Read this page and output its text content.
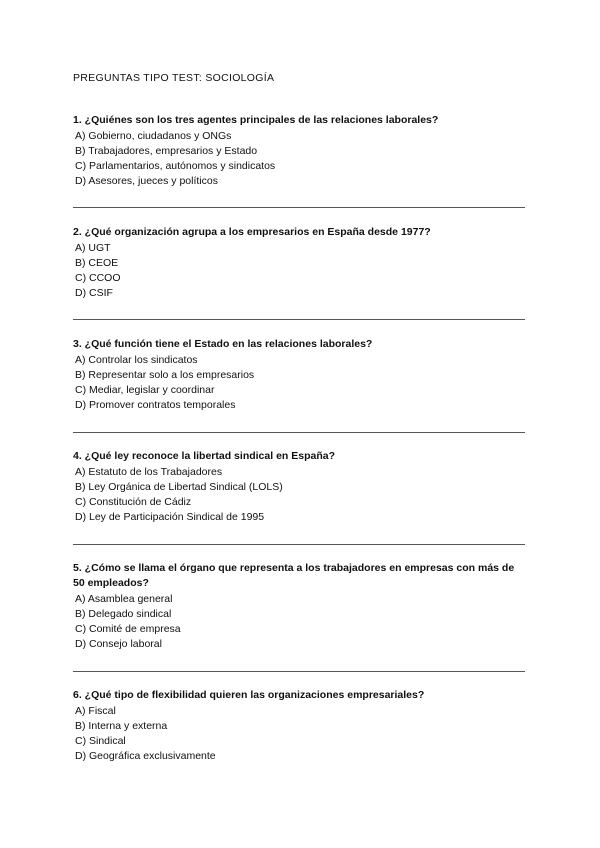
PREGUNTAS TIPO TEST: SOCIOLOGÍA
1. ¿Quiénes son los tres agentes principales de las relaciones laborales?
A) Gobierno, ciudadanos y ONGs
B) Trabajadores, empresarios y Estado
C) Parlamentarios, autónomos y sindicatos
D) Asesores, jueces y políticos
2. ¿Qué organización agrupa a los empresarios en España desde 1977?
A) UGT
B) CEOE
C) CCOO
D) CSIF
3. ¿Qué función tiene el Estado en las relaciones laborales?
A) Controlar los sindicatos
B) Representar solo a los empresarios
C) Mediar, legislar y coordinar
D) Promover contratos temporales
4. ¿Qué ley reconoce la libertad sindical en España?
A) Estatuto de los Trabajadores
B) Ley Orgánica de Libertad Sindical (LOLS)
C) Constitución de Cádiz
D) Ley de Participación Sindical de 1995
5. ¿Cómo se llama el órgano que representa a los trabajadores en empresas con más de 50 empleados?
A) Asamblea general
B) Delegado sindical
C) Comité de empresa
D) Consejo laboral
6. ¿Qué tipo de flexibilidad quieren las organizaciones empresariales?
A) Fiscal
B) Interna y externa
C) Sindical
D) Geográfica exclusivamente
